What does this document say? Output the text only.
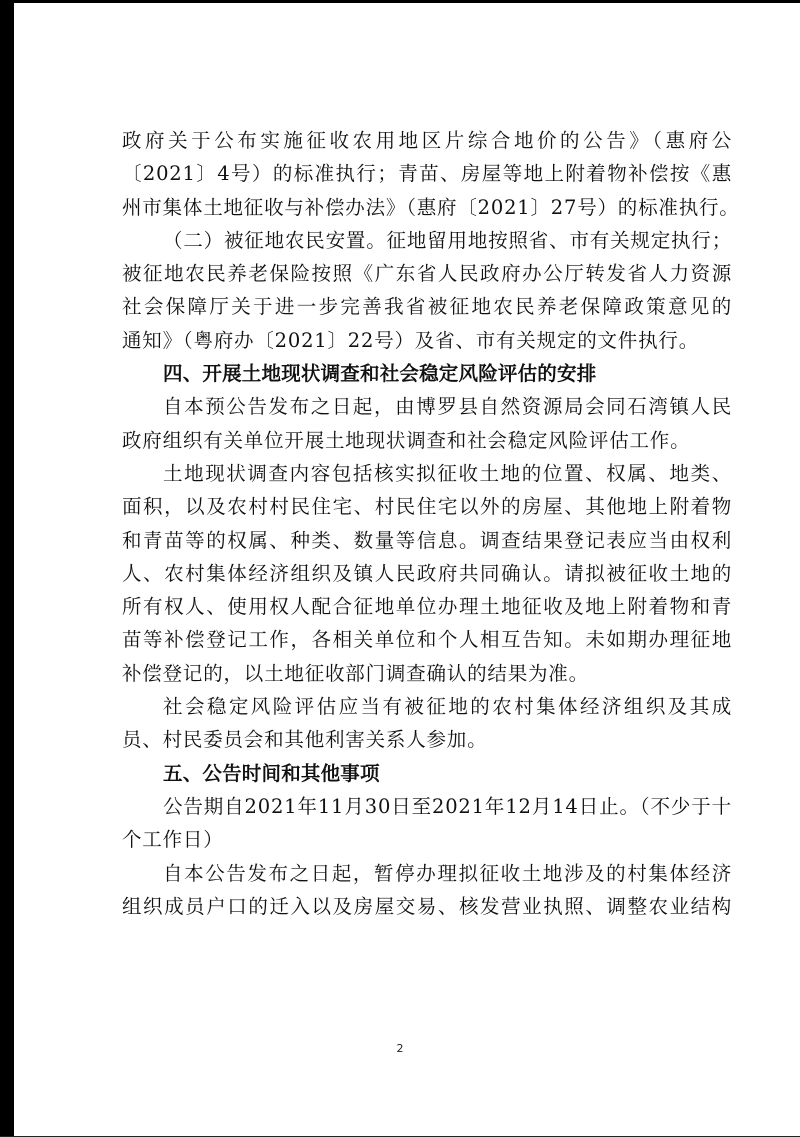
政府关于公布实施征收农用地区片综合地价的公告》（惠府公
〔2021〕4号）的标准执行；青苗、房屋等地上附着物补偿按《惠
州市集体土地征收与补偿办法》（惠府〔2021〕27号）的标准执行。
（二）被征地农民安置。征地留用地按照省、市有关规定执行；
被征地农民养老保险按照《广东省人民政府办公厅转发省人力资源
社会保障厅关于进一步完善我省被征地农民养老保障政策意见的
通知》（粤府办〔2021〕22号）及省、市有关规定的文件执行。
四、开展土地现状调查和社会稳定风险评估的安排
自本预公告发布之日起，由博罗县自然资源局会同石湾镇人民
政府组织有关单位开展土地现状调查和社会稳定风险评估工作。
土地现状调查内容包括核实拟征收土地的位置、权属、地类、
面积，以及农村村民住宅、村民住宅以外的房屋、其他地上附着物
和青苗等的权属、种类、数量等信息。调查结果登记表应当由权利
人、农村集体经济组织及镇人民政府共同确认。请拟被征收土地的
所有权人、使用权人配合征地单位办理土地征收及地上附着物和青
苗等补偿登记工作，各相关单位和个人相互告知。未如期办理征地
补偿登记的，以土地征收部门调查确认的结果为准。
社会稳定风险评估应当有被征地的农村集体经济组织及其成
员、村民委员会和其他利害关系人参加。
五、公告时间和其他事项
公告期自2021年11月30日至2021年12月14日止。（不少于十
个工作日）
自本公告发布之日起，暂停办理拟征收土地涉及的村集体经济
组织成员户口的迁入以及房屋交易、核发营业执照、调整农业结构
2
